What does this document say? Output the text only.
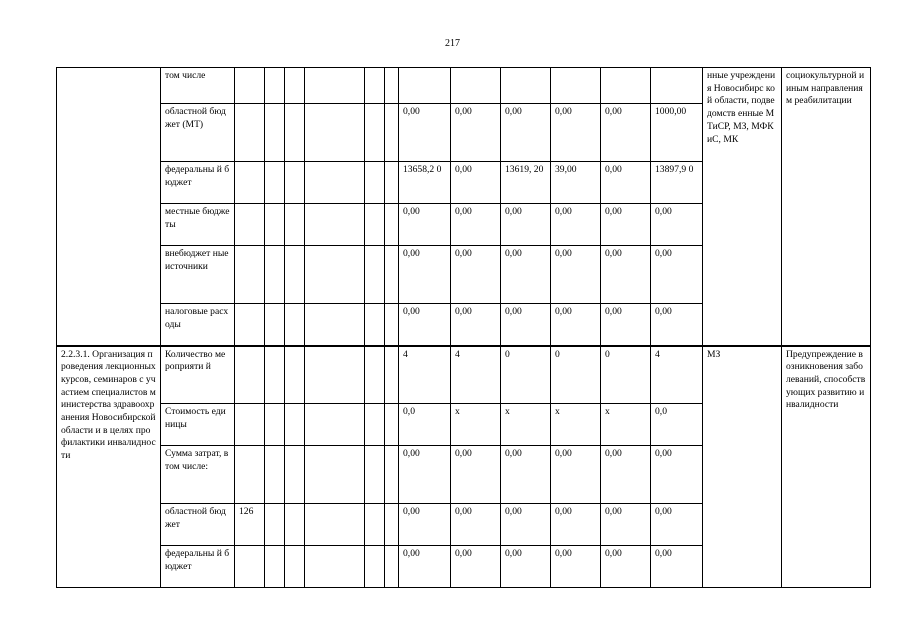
217
	том числе													нные учреждения Новосибирс кой области, подведомств енные МТиСР, МЗ, МФКиС, МК	социокультурной и иным направлениям реабилитации
	областной бюджет (МТ)							0,00	0,00	0,00	0,00	0,00	1000,00		
	федеральны й бюджет							13658,2 0	0,00	13619, 20	39,00	0,00	13897,9 0		
	местные бюджеты							0,00	0,00	0,00	0,00	0,00	0,00		
	внебюджет ные источники							0,00	0,00	0,00	0,00	0,00	0,00		
	налоговые расходы							0,00	0,00	0,00	0,00	0,00	0,00		
2.2.3.1. Организация проведения лекционных курсов, семинаров с участием специалистов министерства здравоохранения Новосибирской области и в целях профилактики инвалидности	Количество мероприяти й							4	4	0	0	0	4	МЗ	Предупреждение возникновения заболеваний, способствующих развитию инвалидности
	Стоимость единицы							0,0	x	x	x	x	0,0		
	Сумма затрат, в том числе:							0,00	0,00	0,00	0,00	0,00	0,00		
	областной бюджет	126						0,00	0,00	0,00	0,00	0,00	0,00		
	федеральны й бюджет							0,00	0,00	0,00	0,00	0,00	0,00		
